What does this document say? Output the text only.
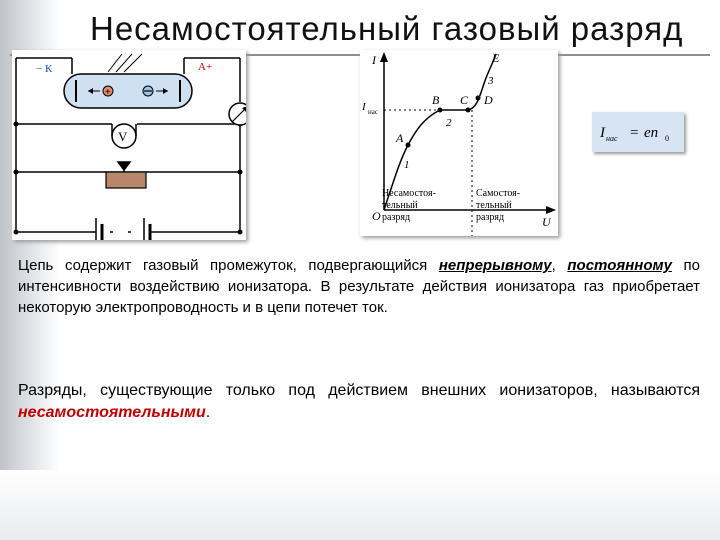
Несамостоятельный газовый разряд
+
− К	А+
V
I
I нас
U
O
A
B C D
E
1
2
3
Несамостоя-
тельный
разряд
Самостоя-
тельный
разряд
I нас = en 0
Цепь содержит газовый промежуток, подвергающийся непрерывному, постоянному по интенсивности воздействию ионизатора. В результате действия ионизатора газ приобретает некоторую электропроводность и в цепи потечет ток.
Разряды, существующие только под действием внешних ионизаторов, называются несамостоятельными.
